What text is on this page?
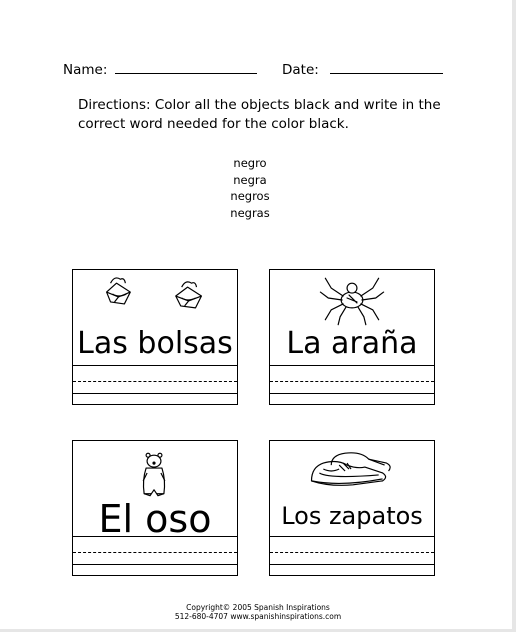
Name:	Date:
Directions: Color all the objects black and write in the correct word needed for the color black.
negro
negra
negros
negras
Las bolsas	La araña
El oso	Los zapatos
Copyright© 2005 Spanish Inspirations
512-680-4707 www.spanishinspirations.com
